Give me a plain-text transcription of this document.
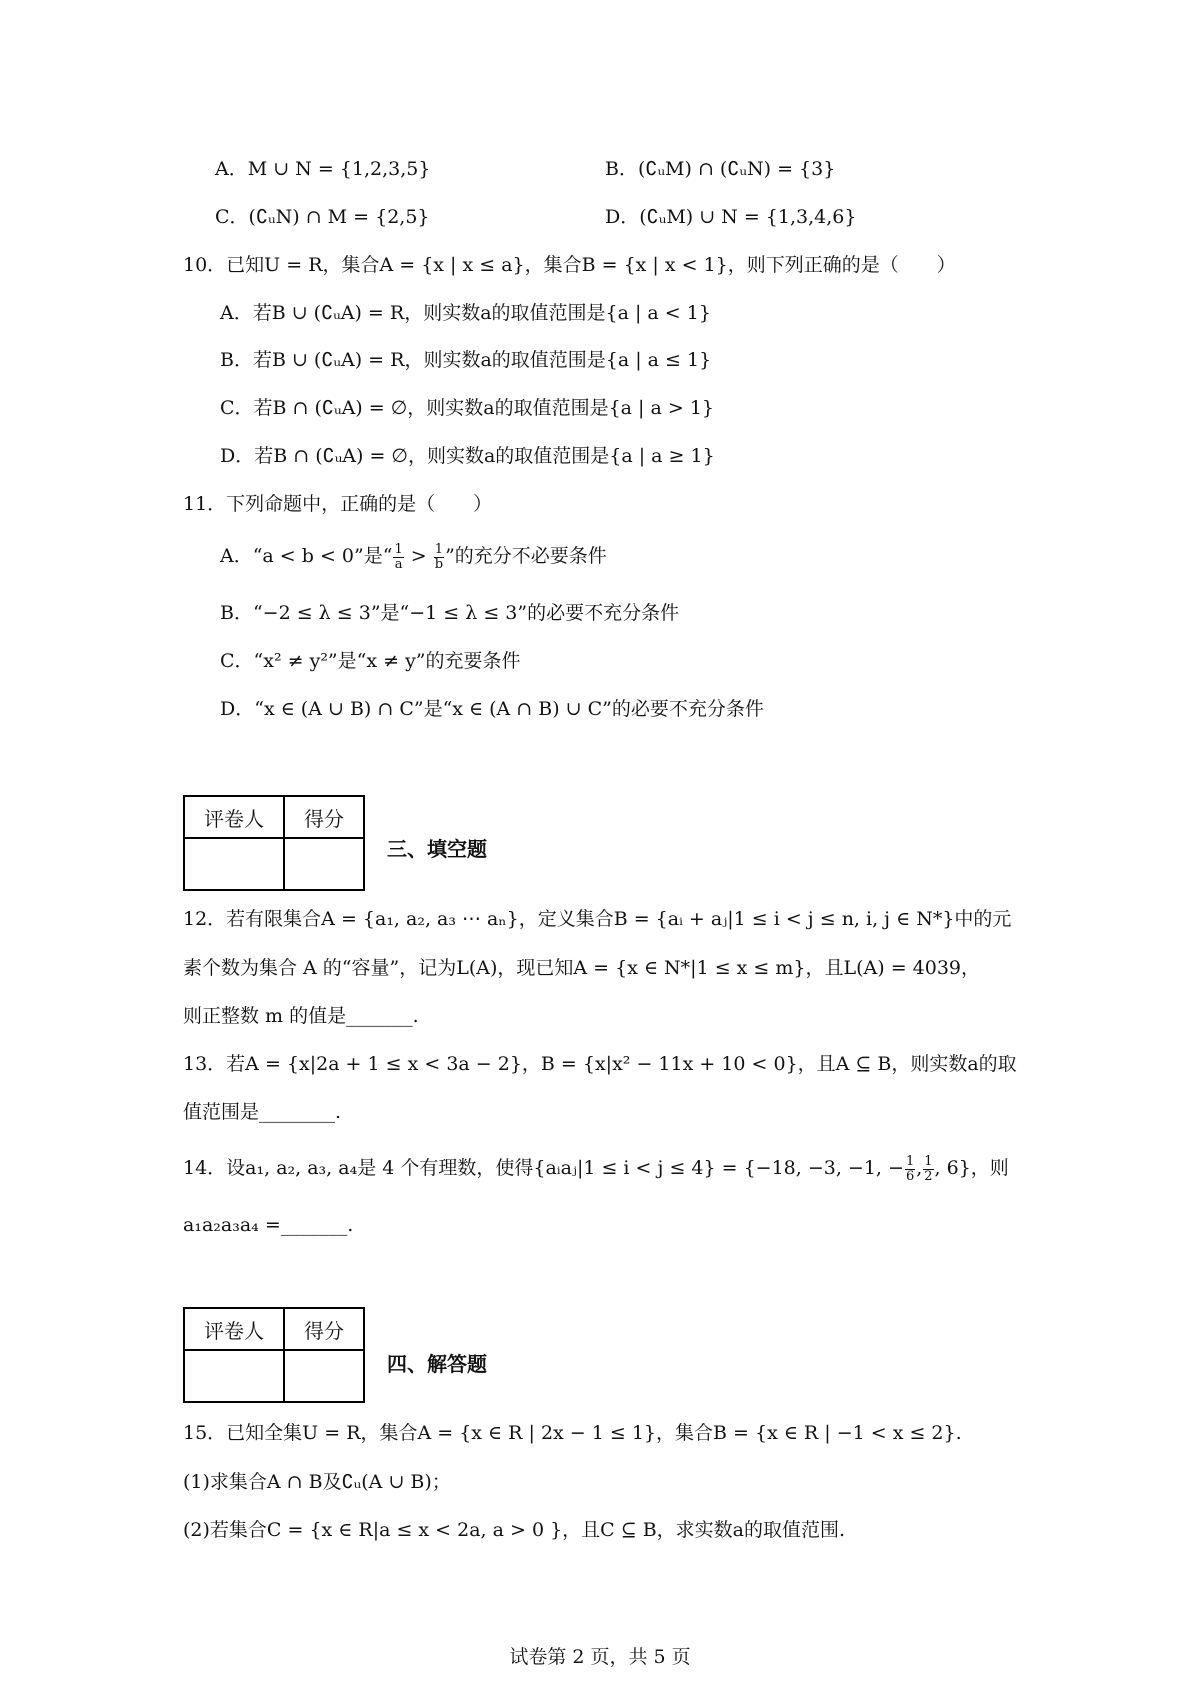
A．M ∪ N = {1,2,3,5}	B．(∁ᵤM) ∩ (∁ᵤN) = {3}
C．(∁ᵤN) ∩ M = {2,5}	D．(∁ᵤM) ∪ N = {1,3,4,6}
10．已知U = R，集合A = {x | x ≤ a}，集合B = {x | x < 1}，则下列正确的是（　　）
A．若B ∪ (∁ᵤA) = R，则实数a的取值范围是{a | a < 1}
B．若B ∪ (∁ᵤA) = R，则实数a的取值范围是{a | a ≤ 1}
C．若B ∩ (∁ᵤA) = ∅，则实数a的取值范围是{a | a > 1}
D．若B ∩ (∁ᵤA) = ∅，则实数a的取值范围是{a | a ≥ 1}
11．下列命题中，正确的是（　　）
A．“a < b < 0”是“ $\frac{1}{a} > \frac{1}{b}$ ”的充分不必要条件
B．“−2 ≤ λ ≤ 3”是“−1 ≤ λ ≤ 3”的必要不充分条件
C．“x² ≠ y²”是“x ≠ y”的充要条件
D．“x ∈ (A ∪ B) ∩ C”是“x ∈ (A ∩ B) ∪ C”的必要不充分条件
评卷人	得分

三、填空题
12．若有限集合A = {a₁, a₂, a₃ ⋯ aₙ}，定义集合B = {aᵢ + aⱼ|1 ≤ i < j ≤ n, i, j ∈ N*}中的元
素个数为集合 A 的“容量”，记为L(A)，现已知A = {x ∈ N*|1 ≤ x ≤ m}，且L(A) = 4039，
则正整数 m 的值是_______.
13．若A = {x|2a + 1 ≤ x < 3a − 2}，B = {x|x² − 11x + 10 < 0}，且A ⊆ B，则实数a的取
值范围是________.
14．设a₁, a₂, a₃, a₄是 4 个有理数，使得{aᵢaⱼ|1 ≤ i < j ≤ 4} = {−18, −3, −1, − $\frac{1}{6}$ , $\frac{1}{2}$ , 6}，则
a₁a₂a₃a₄ =_______.
评卷人	得分

四、解答题
15．已知全集U = R，集合A = {x ∈ R | 2x − 1 ≤ 1}，集合B = {x ∈ R | −1 < x ≤ 2}.
(1)求集合A ∩ B及∁ᵤ(A ∪ B)；
(2)若集合C = {x ∈ R|a ≤ x < 2a, a > 0 }，且C ⊆ B，求实数a的取值范围.
试卷第 2 页，共 5 页
